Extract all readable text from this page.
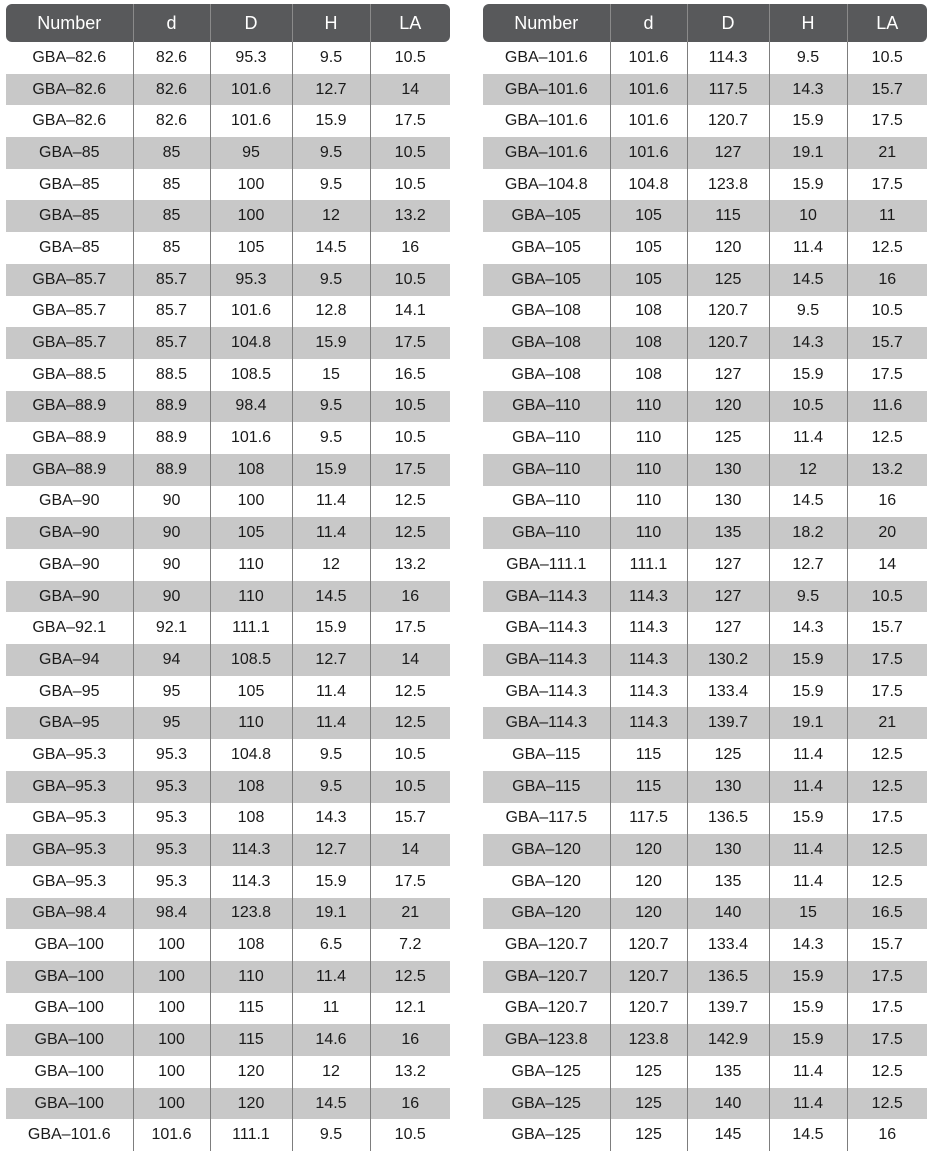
Number	d	D	H	LA
GBA–82.6	82.6	95.3	9.5	10.5
GBA–82.6	82.6	101.6	12.7	14
GBA–82.6	82.6	101.6	15.9	17.5
GBA–85	85	95	9.5	10.5
GBA–85	85	100	9.5	10.5
GBA–85	85	100	12	13.2
GBA–85	85	105	14.5	16
GBA–85.7	85.7	95.3	9.5	10.5
GBA–85.7	85.7	101.6	12.8	14.1
GBA–85.7	85.7	104.8	15.9	17.5
GBA–88.5	88.5	108.5	15	16.5
GBA–88.9	88.9	98.4	9.5	10.5
GBA–88.9	88.9	101.6	9.5	10.5
GBA–88.9	88.9	108	15.9	17.5
GBA–90	90	100	11.4	12.5
GBA–90	90	105	11.4	12.5
GBA–90	90	110	12	13.2
GBA–90	90	110	14.5	16
GBA–92.1	92.1	111.1	15.9	17.5
GBA–94	94	108.5	12.7	14
GBA–95	95	105	11.4	12.5
GBA–95	95	110	11.4	12.5
GBA–95.3	95.3	104.8	9.5	10.5
GBA–95.3	95.3	108	9.5	10.5
GBA–95.3	95.3	108	14.3	15.7
GBA–95.3	95.3	114.3	12.7	14
GBA–95.3	95.3	114.3	15.9	17.5
GBA–98.4	98.4	123.8	19.1	21
GBA–100	100	108	6.5	7.2
GBA–100	100	110	11.4	12.5
GBA–100	100	115	11	12.1
GBA–100	100	115	14.6	16
GBA–100	100	120	12	13.2
GBA–100	100	120	14.5	16
GBA–101.6	101.6	111.1	9.5	10.5
Number	d	D	H	LA
GBA–101.6	101.6	114.3	9.5	10.5
GBA–101.6	101.6	117.5	14.3	15.7
GBA–101.6	101.6	120.7	15.9	17.5
GBA–101.6	101.6	127	19.1	21
GBA–104.8	104.8	123.8	15.9	17.5
GBA–105	105	115	10	11
GBA–105	105	120	11.4	12.5
GBA–105	105	125	14.5	16
GBA–108	108	120.7	9.5	10.5
GBA–108	108	120.7	14.3	15.7
GBA–108	108	127	15.9	17.5
GBA–110	110	120	10.5	11.6
GBA–110	110	125	11.4	12.5
GBA–110	110	130	12	13.2
GBA–110	110	130	14.5	16
GBA–110	110	135	18.2	20
GBA–111.1	111.1	127	12.7	14
GBA–114.3	114.3	127	9.5	10.5
GBA–114.3	114.3	127	14.3	15.7
GBA–114.3	114.3	130.2	15.9	17.5
GBA–114.3	114.3	133.4	15.9	17.5
GBA–114.3	114.3	139.7	19.1	21
GBA–115	115	125	11.4	12.5
GBA–115	115	130	11.4	12.5
GBA–117.5	117.5	136.5	15.9	17.5
GBA–120	120	130	11.4	12.5
GBA–120	120	135	11.4	12.5
GBA–120	120	140	15	16.5
GBA–120.7	120.7	133.4	14.3	15.7
GBA–120.7	120.7	136.5	15.9	17.5
GBA–120.7	120.7	139.7	15.9	17.5
GBA–123.8	123.8	142.9	15.9	17.5
GBA–125	125	135	11.4	12.5
GBA–125	125	140	11.4	12.5
GBA–125	125	145	14.5	16
